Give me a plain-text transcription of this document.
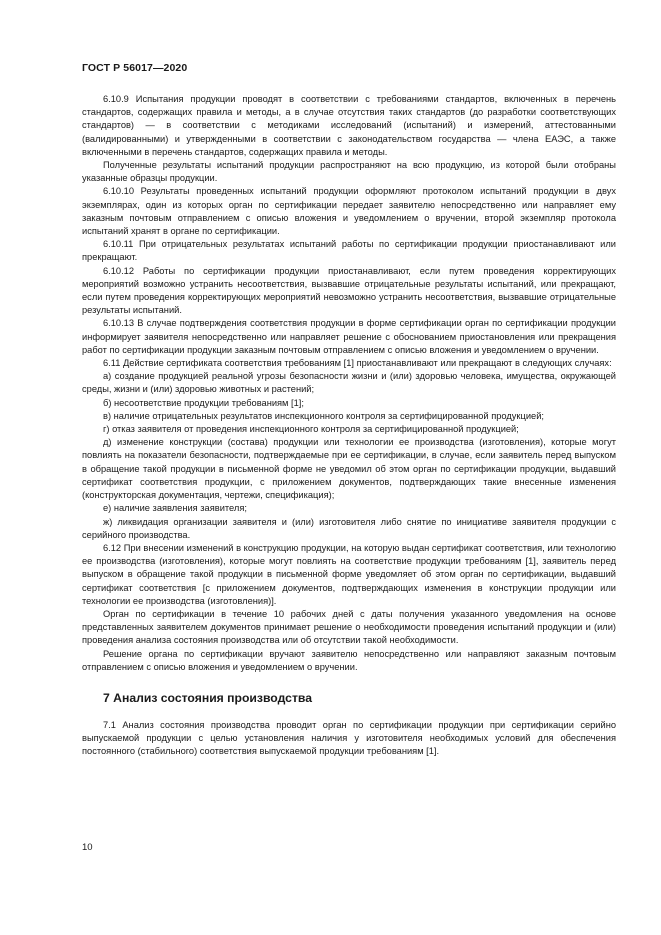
ГОСТ Р 56017—2020

6.10.9 Испытания продукции проводят в соответствии с требованиями стандартов, включенных в перечень стандартов, содержащих правила и методы, а в случае отсутствия таких стандартов (до разработки соответствующих стандартов) — в соответствии с методиками исследований (испытаний) и измерений, аттестованными (валидированными) и утвержденными в соответствии с законодательством государства — члена ЕАЭС, а также включенными в перечень стандартов, содержащих правила и методы.

Полученные результаты испытаний продукции распространяют на всю продукцию, из которой были отобраны указанные образцы продукции.

6.10.10 Результаты проведенных испытаний продукции оформляют протоколом испытаний продукции в двух экземплярах, один из которых орган по сертификации передает заявителю непосредственно или направляет ему заказным почтовым отправлением с описью вложения и уведомлением о вручении, второй экземпляр протокола испытаний хранят в органе по сертификации.

6.10.11 При отрицательных результатах испытаний работы по сертификации продукции приостанавливают или прекращают.

6.10.12 Работы по сертификации продукции приостанавливают, если путем проведения корректирующих мероприятий возможно устранить несоответствия, вызвавшие отрицательные результаты испытаний, или прекращают, если путем проведения корректирующих мероприятий невозможно устранить несоответствия, вызвавшие отрицательные результаты испытаний.

6.10.13 В случае подтверждения соответствия продукции в форме сертификации орган по сертификации продукции информирует заявителя непосредственно или направляет решение с обоснованием приостановления или прекращения работ по сертификации продукции заказным почтовым отправлением с описью вложения и уведомлением о вручении.

6.11 Действие сертификата соответствия требованиям [1] приостанавливают или прекращают в следующих случаях:

а) создание продукцией реальной угрозы безопасности жизни и (или) здоровью человека, имущества, окружающей среды, жизни и (или) здоровью животных и растений;

б) несоответствие продукции требованиям [1];

в) наличие отрицательных результатов инспекционного контроля за сертифицированной продукцией;

г) отказ заявителя от проведения инспекционного контроля за сертифицированной продукцией;

д) изменение конструкции (состава) продукции или технологии ее производства (изготовления), которые могут повлиять на показатели безопасности, подтверждаемые при ее сертификации, в случае, если заявитель перед выпуском в обращение такой продукции в письменной форме не уведомил об этом орган по сертификации продукции, выдавший сертификат соответствия продукции, с приложением документов, подтверждающих такие внесенные изменения (конструкторская документация, чертежи, спецификация);

е) наличие заявления заявителя;

ж) ликвидация организации заявителя и (или) изготовителя либо снятие по инициативе заявителя продукции с серийного производства.

6.12 При внесении изменений в конструкцию продукции, на которую выдан сертификат соответствия, или технологию ее производства (изготовления), которые могут повлиять на соответствие продукции требованиям [1], заявитель перед выпуском в обращение такой продукции в письменной форме уведомляет об этом орган по сертификации, выдавший сертификат соответствия [с приложением документов, подтверждающих изменения в конструкции продукции или технологии ее производства (изготовления)].

Орган по сертификации в течение 10 рабочих дней с даты получения указанного уведомления на основе представленных заявителем документов принимает решение о необходимости проведения испытаний продукции и (или) проведения анализа состояния производства или об отсутствии такой необходимости.

Решение органа по сертификации вручают заявителю непосредственно или направляют заказным почтовым отправлением с описью вложения и уведомлением о вручении.

7 Анализ состояния производства

7.1 Анализ состояния производства проводит орган по сертификации продукции при сертификации серийно выпускаемой продукции с целью установления наличия у изготовителя необходимых условий для обеспечения постоянного (стабильного) соответствия выпускаемой продукции требованиям [1].

10
